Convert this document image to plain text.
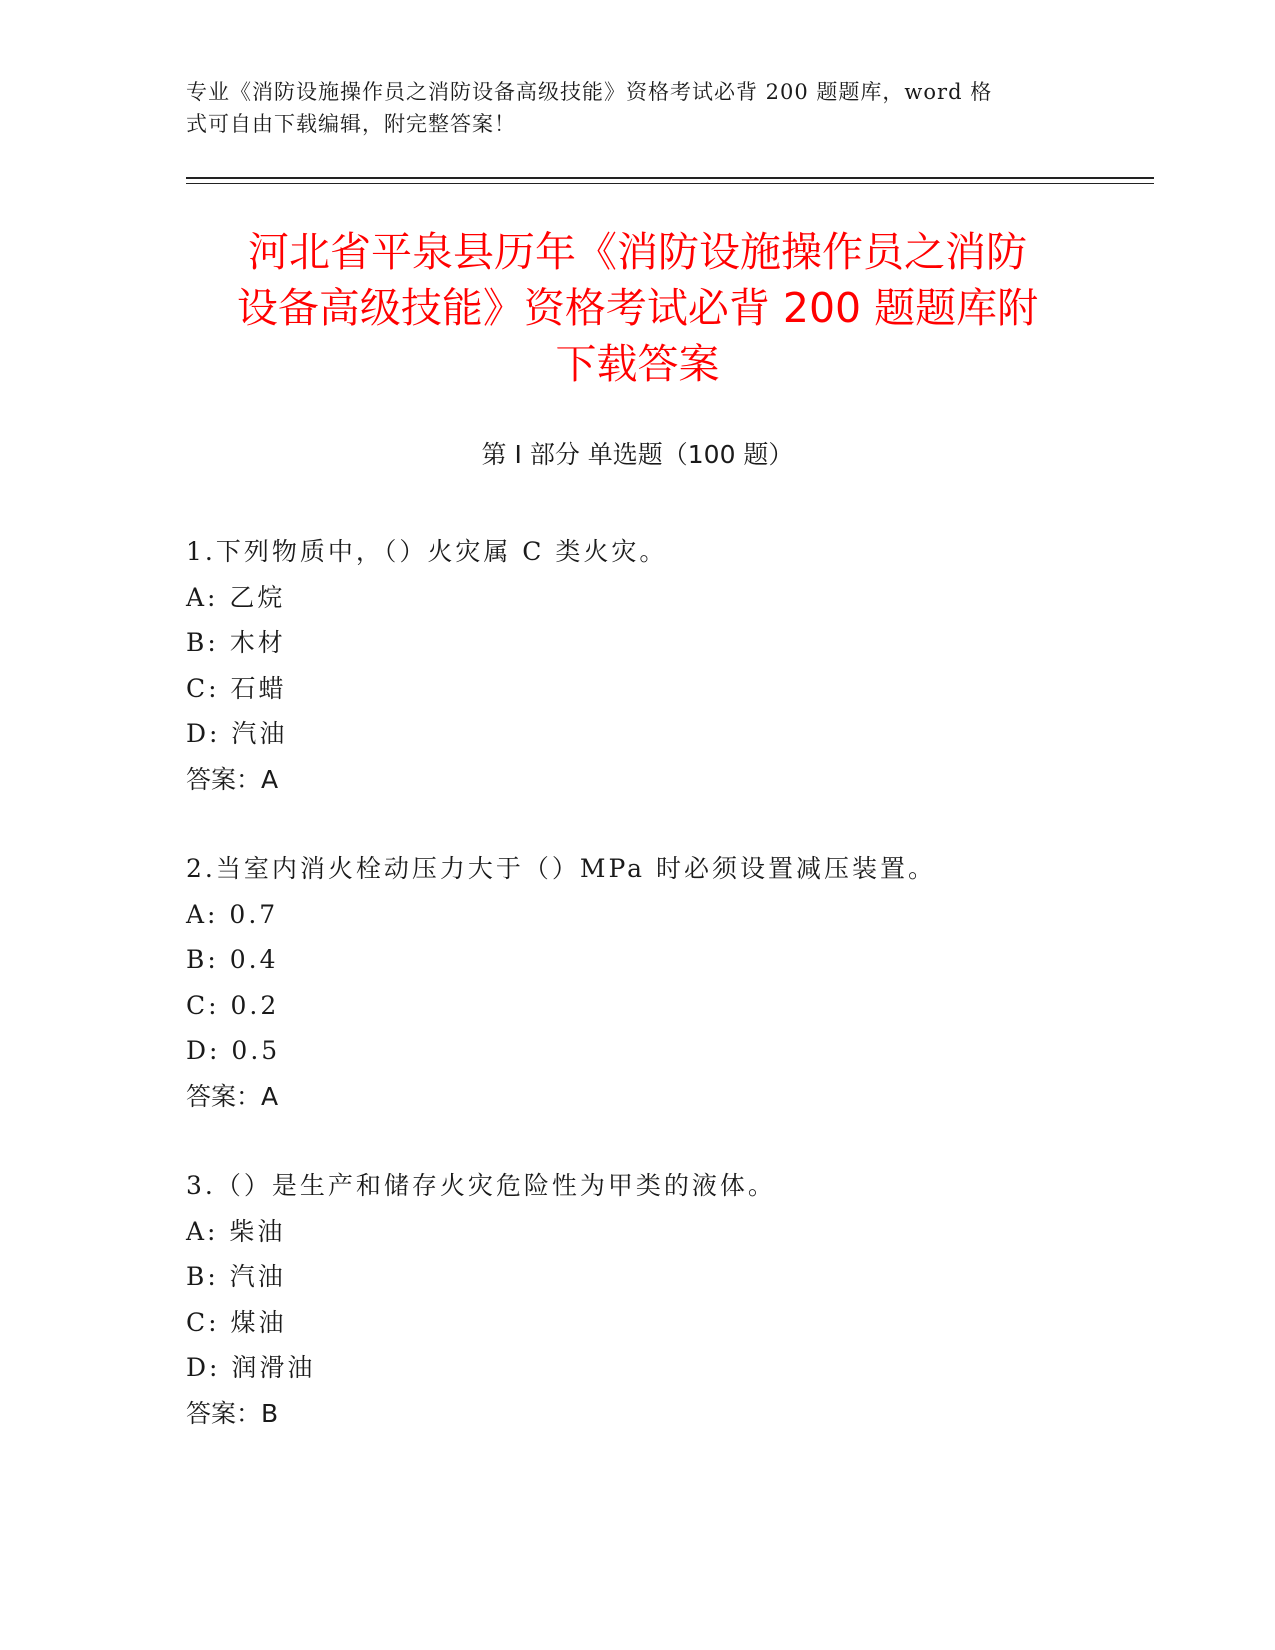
专业《消防设施操作员之消防设备高级技能》资格考试必背 200 题题库，word 格
式可自由下载编辑，附完整答案！
河北省平泉县历年《消防设施操作员之消防
设备高级技能》资格考试必背 200 题题库附
下载答案
第 I 部分 单选题（100 题）
1.下列物质中，（）火灾属 C 类火灾。
A: 乙烷
B: 木材
C: 石蜡
D: 汽油
答案：A
2.当室内消火栓动压力大于（）MPa 时必须设置减压装置。
A: 0.7
B: 0.4
C: 0.2
D: 0.5
答案：A
3.（）是生产和储存火灾危险性为甲类的液体。
A: 柴油
B: 汽油
C: 煤油
D: 润滑油
答案：B
